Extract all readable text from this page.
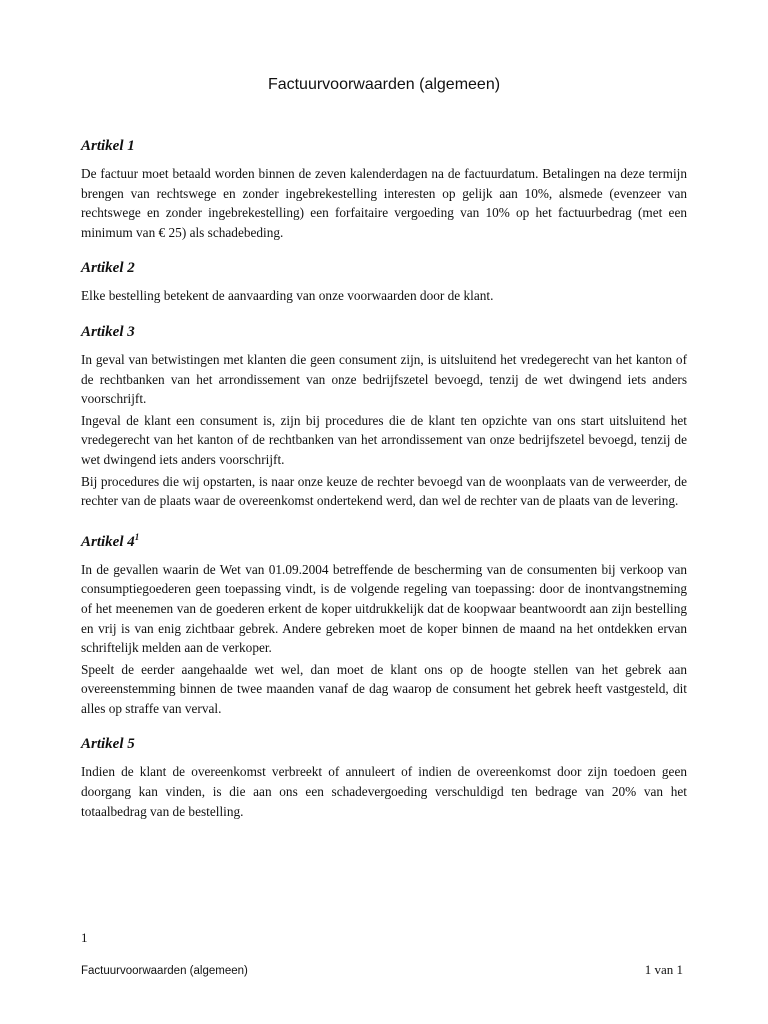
Factuurvoorwaarden (algemeen)
Artikel 1

De factuur moet betaald worden binnen de zeven kalenderdagen na de factuurdatum. Betalingen na deze termijn brengen van rechtswege en zonder ingebrekestelling interesten op gelijk aan 10%, alsmede (evenzeer van rechtswege en zonder ingebrekestelling) een forfaitaire vergoeding van 10% op het factuurbedrag (met een minimum van € 25) als schadebeding.

Artikel 2

Elke bestelling betekent de aanvaarding van onze voorwaarden door de klant.

Artikel 3

In geval van betwistingen met klanten die geen consument zijn, is uitsluitend het vredegerecht van het kanton of de rechtbanken van het arrondissement van onze bedrijfszetel bevoegd, tenzij de wet dwingend iets anders voorschrijft.

Ingeval de klant een consument is, zijn bij procedures die de klant ten opzichte van ons start uitsluitend het vredegerecht van het kanton of de rechtbanken van het arrondissement van onze bedrijfszetel bevoegd, tenzij de wet dwingend iets anders voorschrijft.

Bij procedures die wij opstarten, is naar onze keuze de rechter bevoegd van de woonplaats van de verweerder, de rechter van de plaats waar de overeenkomst ondertekend werd, dan wel de rechter van de plaats van de levering.

Artikel $4^1$

In de gevallen waarin de Wet van 01.09.2004 betreffende de bescherming van de consumenten bij verkoop van consumptiegoederen geen toepassing vindt, is de volgende regeling van toepassing: door de inontvangstneming of het meenemen van de goederen erkent de koper uitdrukkelijk dat de koopwaar beantwoordt aan zijn bestelling en vrij is van enig zichtbaar gebrek. Andere gebreken moet de koper binnen de maand na het ontdekken ervan schriftelijk melden aan de verkoper.

Speelt de eerder aangehaalde wet wel, dan moet de klant ons op de hoogte stellen van het gebrek aan overeenstemming binnen de twee maanden vanaf de dag waarop de consument het gebrek heeft vastgesteld, dit alles op straffe van verval.

Artikel 5

Indien de klant de overeenkomst verbreekt of annuleert of indien de overeenkomst door zijn toedoen geen doorgang kan vinden, is die aan ons een schadevergoeding verschuldigd ten bedrage van 20% van het totaalbedrag van de bestelling.

1
Factuurvoorwaarden (algemeen)	1 van 1
